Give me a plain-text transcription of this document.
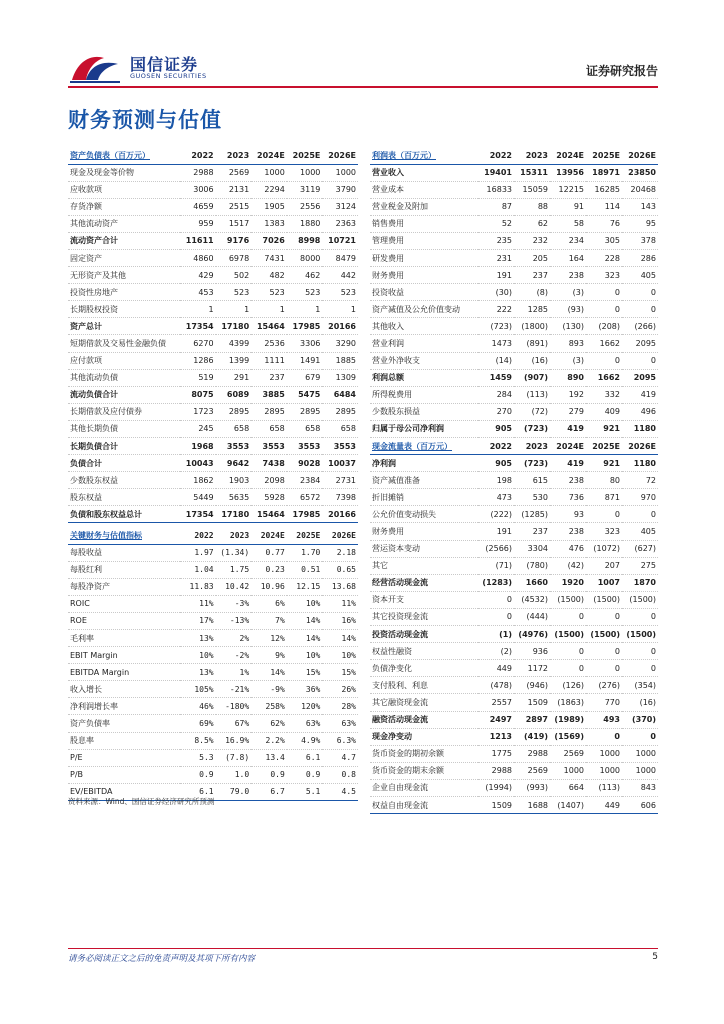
国信证券
GUOSEN SECURITIES	证券研究报告
财务预测与估值
资产负债表（百万元）	2022	2023	2024E	2025E	2026E
现金及现金等价物	2988	2569	1000	1000	1000
应收款项	3006	2131	2294	3119	3790
存货净额	4659	2515	1905	2556	3124
其他流动资产	959	1517	1383	1880	2363
流动资产合计	11611	9176	7026	8998	10721
固定资产	4860	6978	7431	8000	8479
无形资产及其他	429	502	482	462	442
投资性房地产	453	523	523	523	523
长期股权投资	1	1	1	1	1
资产总计	17354	17180	15464	17985	20166
短期借款及交易性金融负债	6270	4399	2536	3306	3290
应付款项	1286	1399	1111	1491	1885
其他流动负债	519	291	237	679	1309
流动负债合计	8075	6089	3885	5475	6484
长期借款及应付债券	1723	2895	2895	2895	2895
其他长期负债	245	658	658	658	658
长期负债合计	1968	3553	3553	3553	3553
负债合计	10043	9642	7438	9028	10037
少数股东权益	1862	1903	2098	2384	2731
股东权益	5449	5635	5928	6572	7398
负债和股东权益总计	17354	17180	15464	17985	20166
关键财务与估值指标	2022	2023	2024E	2025E	2026E
每股收益	1.97	(1.34)	0.77	1.70	2.18
每股红利	1.04	1.75	0.23	0.51	0.65
每股净资产	11.83	10.42	10.96	12.15	13.68
ROIC	11%	-3%	6%	10%	11%
ROE	17%	-13%	7%	14%	16%
毛利率	13%	2%	12%	14%	14%
EBIT Margin	10%	-2%	9%	10%	10%
EBITDA Margin	13%	1%	14%	15%	15%
收入增长	105%	-21%	-9%	36%	26%
净利润增长率	46%	-180%	258%	120%	28%
资产负债率	69%	67%	62%	63%	63%
股息率	8.5%	16.9%	2.2%	4.9%	6.3%
P/E	5.3	(7.8)	13.4	6.1	4.7
P/B	0.9	1.0	0.9	0.9	0.8
EV/EBITDA	6.1	79.0	6.7	5.1	4.5
利润表（百万元）	2022	2023	2024E	2025E	2026E
营业收入	19401	15311	13956	18971	23850
营业成本	16833	15059	12215	16285	20468
营业税金及附加	87	88	91	114	143
销售费用	52	62	58	76	95
管理费用	235	232	234	305	378
研发费用	231	205	164	228	286
财务费用	191	237	238	323	405
投资收益	(30)	(8)	(3)	0	0
资产减值及公允价值变动	222	1285	(93)	0	0
其他收入	(723)	(1800)	(130)	(208)	(266)
营业利润	1473	(891)	893	1662	2095
营业外净收支	(14)	(16)	(3)	0	0
利润总额	1459	(907)	890	1662	2095
所得税费用	284	(113)	192	332	419
少数股东损益	270	(72)	279	409	496
归属于母公司净利润	905	(723)	419	921	1180
现金流量表（百万元）	2022	2023	2024E	2025E	2026E
净利润	905	(723)	419	921	1180
资产减值准备	198	615	238	80	72
折旧摊销	473	530	736	871	970
公允价值变动损失	(222)	(1285)	93	0	0
财务费用	191	237	238	323	405
营运资本变动	(2566)	3304	476	(1072)	(627)
其它	(71)	(780)	(42)	207	275
经营活动现金流	(1283)	1660	1920	1007	1870
资本开支	0	(4532)	(1500)	(1500)	(1500)
其它投资现金流	0	(444)	0	0	0
投资活动现金流	(1)	(4976)	(1500)	(1500)	(1500)
权益性融资	(2)	936	0	0	0
负债净变化	449	1172	0	0	0
支付股利、利息	(478)	(946)	(126)	(276)	(354)
其它融资现金流	2557	1509	(1863)	770	(16)
融资活动现金流	2497	2897	(1989)	493	(370)
现金净变动	1213	(419)	(1569)	0	0
货币资金的期初余额	1775	2988	2569	1000	1000
货币资金的期末余额	2988	2569	1000	1000	1000
企业自由现金流	(1994)	(993)	664	(113)	843
权益自由现金流	1509	1688	(1407)	449	606
资料来源：Wind、国信证券经济研究所预测
请务必阅读正文之后的免责声明及其项下所有内容	5
